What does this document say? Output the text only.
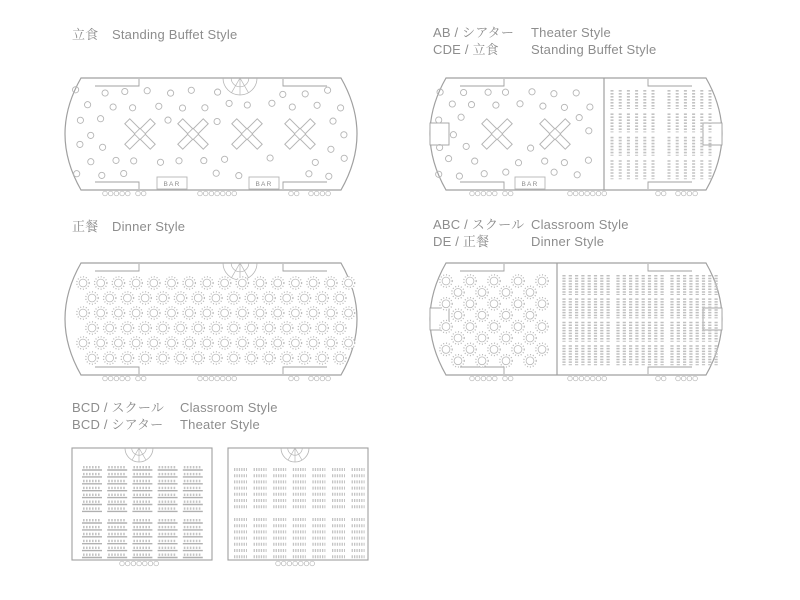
立食 Standing Buffet Style	AB / シアター Theater Style
CDE / 立食 Standing Buffet Style
正餐 Dinner Style	ABC / スクール Classroom Style
DE / 正餐	Dinner Style
BCD / スクール Classroom Style
BCD / シアター Theater Style
BAR	BAR	BAR
